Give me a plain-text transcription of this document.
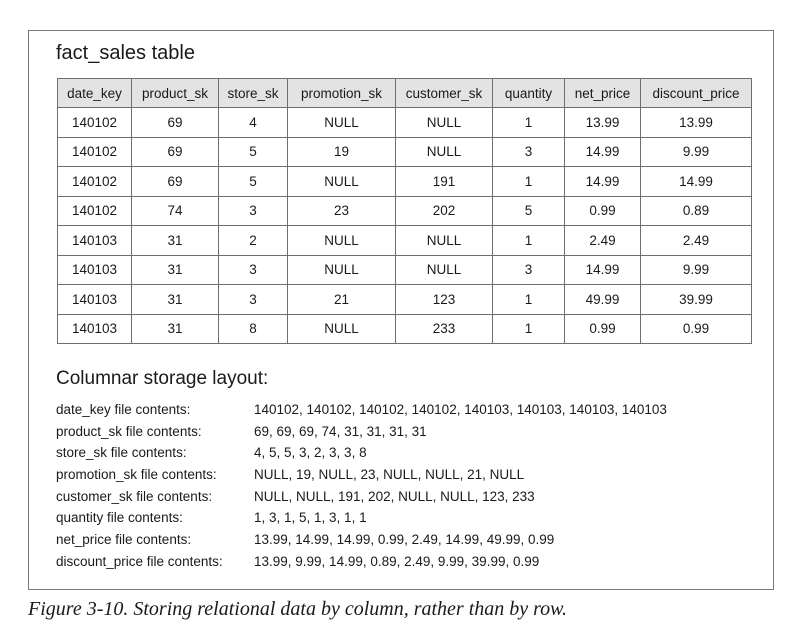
fact_sales table
date_key	product_sk	store_sk	promotion_sk	customer_sk	quantity	net_price	discount_price
140102	69	4	NULL	NULL	1	13.99	13.99
140102	69	5	19	NULL	3	14.99	9.99
140102	69	5	NULL	191	1	14.99	14.99
140102	74	3	23	202	5	0.99	0.89
140103	31	2	NULL	NULL	1	2.49	2.49
140103	31	3	NULL	NULL	3	14.99	9.99
140103	31	3	21	123	1	49.99	39.99
140103	31	8	NULL	233	1	0.99	0.99
Columnar storage layout:
date_key file contents:	140102, 140102, 140102, 140102, 140103, 140103, 140103, 140103
product_sk file contents:	69, 69, 69, 74, 31, 31, 31, 31
store_sk file contents:	4, 5, 5, 3, 2, 3, 3, 8
promotion_sk file contents:	NULL, 19, NULL, 23, NULL, NULL, 21, NULL
customer_sk file contents:	NULL, NULL, 191, 202, NULL, NULL, 123, 233
quantity file contents:	1, 3, 1, 5, 1, 3, 1, 1
net_price file contents:	13.99, 14.99, 14.99, 0.99, 2.49, 14.99, 49.99, 0.99
discount_price file contents:	13.99, 9.99, 14.99, 0.89, 2.49, 9.99, 39.99, 0.99
Figure 3-10. Storing relational data by column, rather than by row.
